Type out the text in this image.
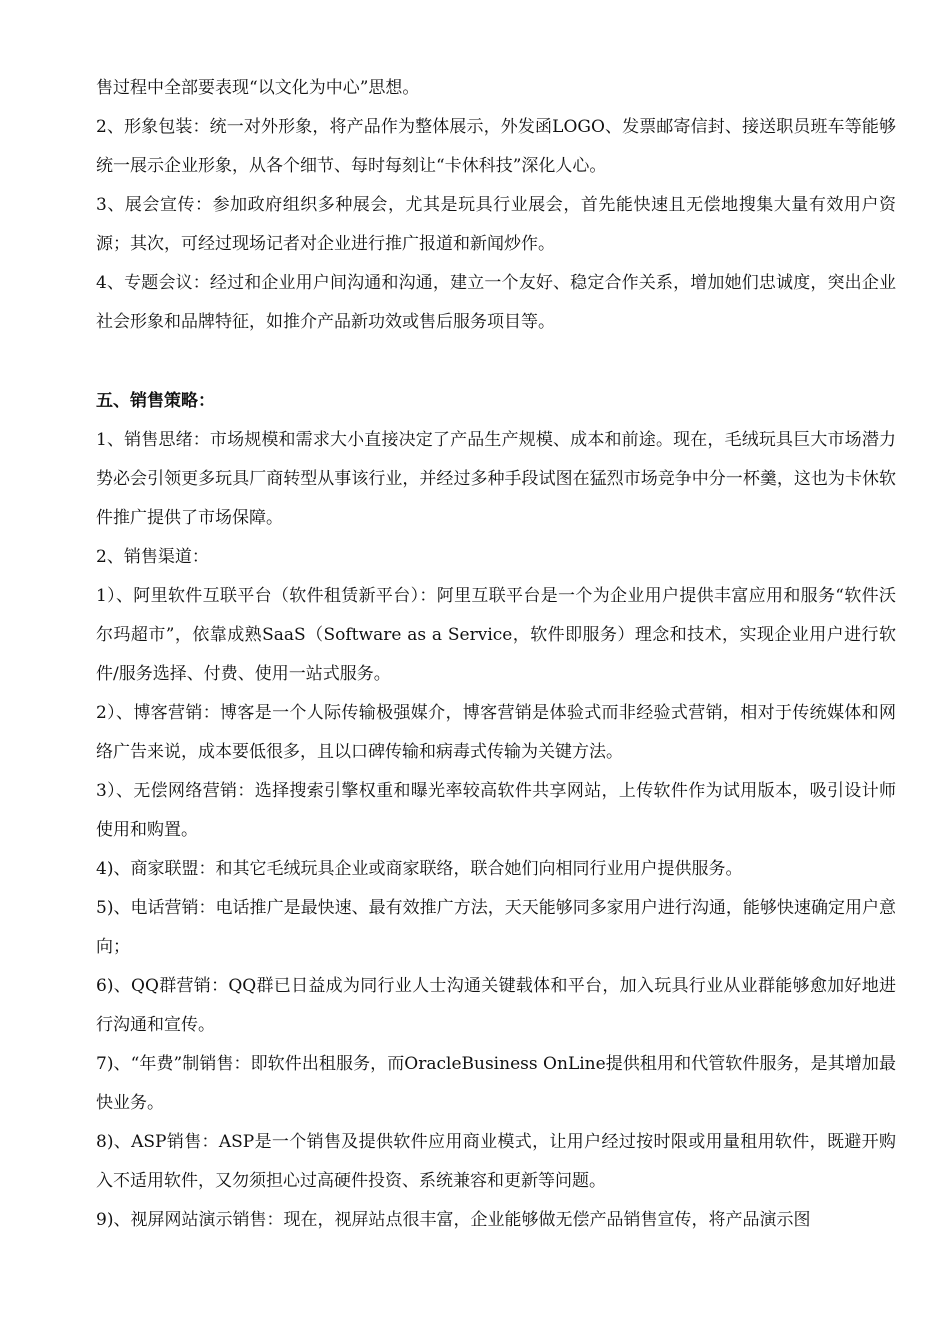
售过程中全部要表现“以文化为中心”思想。

2、形象包装：统一对外形象，将产品作为整体展示，外发函LOGO、发票邮寄信封、接送职员班车等能够统一展示企业形象，从各个细节、每时每刻让“卡休科技”深化人心。

3、展会宣传：参加政府组织多种展会，尤其是玩具行业展会，首先能快速且无偿地搜集大量有效用户资源；其次，可经过现场记者对企业进行推广报道和新闻炒作。

4、专题会议：经过和企业用户间沟通和沟通，建立一个友好、稳定合作关系，增加她们忠诚度，突出企业社会形象和品牌特征，如推介产品新功效或售后服务项目等。

五、销售策略：

1、销售思绪：市场规模和需求大小直接决定了产品生产规模、成本和前途。现在，毛绒玩具巨大市场潜力势必会引领更多玩具厂商转型从事该行业，并经过多种手段试图在猛烈市场竞争中分一杯羹，这也为卡休软件推广提供了市场保障。

2、销售渠道：

1）、阿里软件互联平台（软件租赁新平台）：阿里互联平台是一个为企业用户提供丰富应用和服务“软件沃尔玛超市”，依靠成熟SaaS（Software as a Service，软件即服务）理念和技术，实现企业用户进行软件/服务选择、付费、使用一站式服务。

2）、博客营销：博客是一个人际传输极强媒介，博客营销是体验式而非经验式营销，相对于传统媒体和网络广告来说，成本要低很多，且以口碑传输和病毒式传输为关键方法。

3）、无偿网络营销：选择搜索引擎权重和曝光率较高软件共享网站，上传软件作为试用版本，吸引设计师使用和购置。

4)、商家联盟：和其它毛绒玩具企业或商家联络，联合她们向相同行业用户提供服务。

5)、电话营销：电话推广是最快速、最有效推广方法，天天能够同多家用户进行沟通，能够快速确定用户意向；

6)、QQ群营销：QQ群已日益成为同行业人士沟通关键载体和平台，加入玩具行业从业群能够愈加好地进行沟通和宣传。

7)、“年费”制销售：即软件出租服务，而OracleBusiness OnLine提供租用和代管软件服务，是其增加最快业务。

8)、ASP销售：ASP是一个销售及提供软件应用商业模式，让用户经过按时限或用量租用软件，既避开购入不适用软件，又勿须担心过高硬件投资、系统兼容和更新等问题。

9)、视屏网站演示销售：现在，视屏站点很丰富，企业能够做无偿产品销售宣传，将产品演示图
